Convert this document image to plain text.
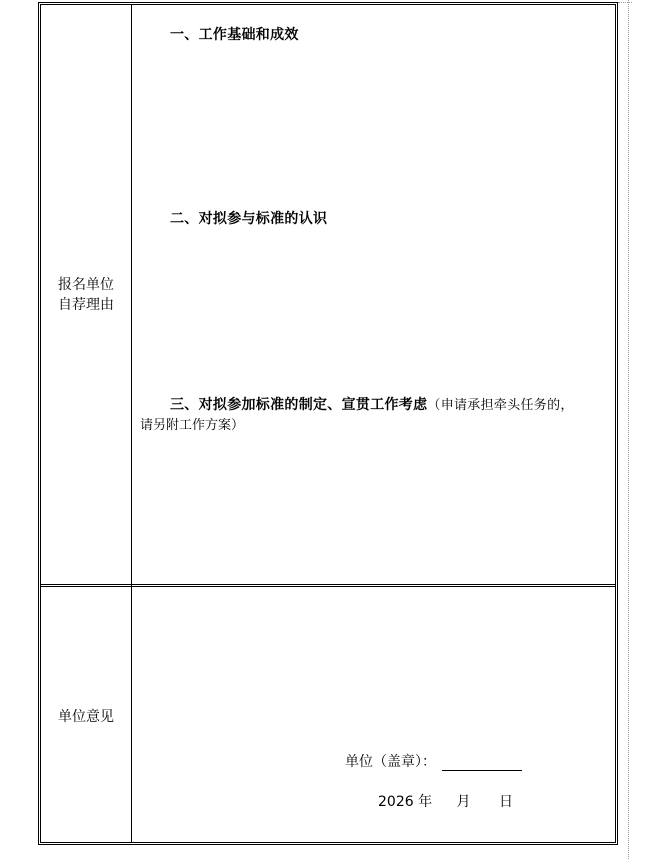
报名单位
自荐理由
一、工作基础和成效
二、对拟参与标准的认识
三、对拟参加标准的制定、宣贯工作考虑（申请承担牵头任务的，
请另附工作方案）
单位意见
单位（盖章）：
2026 年 月 日
